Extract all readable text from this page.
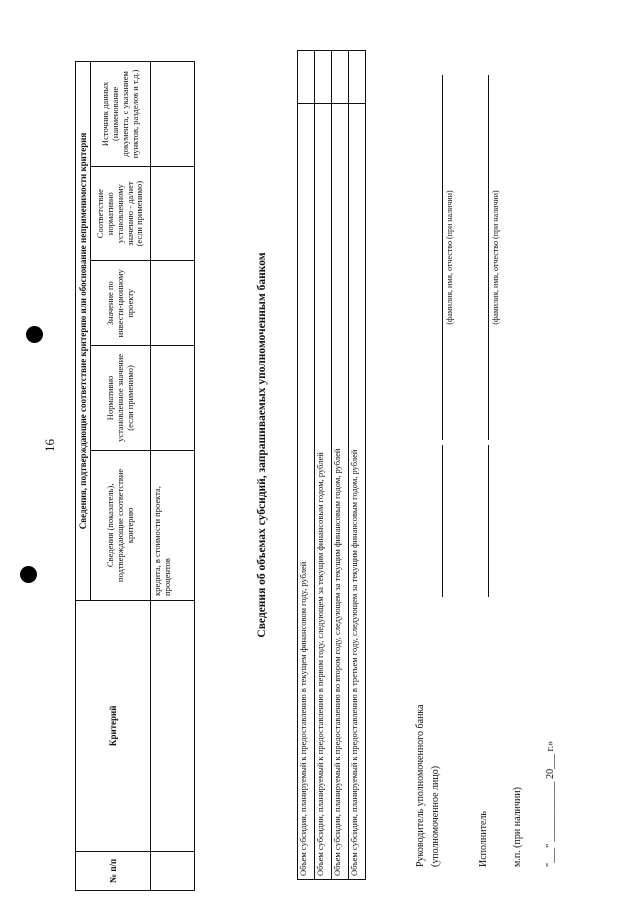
16
№ п/п	Критерий	Сведения, подтверждающие соответствие критерию или обоснование неприменимости критерия				
		Сведения (показатель), подтверждающие соответствие критерию	Нормативно установленное значение (если применимо)	Значение по инвести-ционному проекту	Соответствие нормативно установленному значению - да/нет (если применимо)	Источник данных (наименование документа, с указанием пунктов, разделов и т.д.)
		кредита, в стоимости проекта, процентов					Сведения об объемах субсидий, запрашиваемых уполномоченным банком
Объем субсидии, планируемый к предоставлению в текущем финансовом году, рублей	
Объем субсидии, планируемый к предоставлению в первом году, следующем за текущим финансовым годом, рублей	
Объем субсидии, планируемый к предоставлению во втором году, следующем за текущим финансовым годом, рублей	
Объем субсидии, планируемый к предоставлению в третьем году, следующем за текущим финансовым годом, рублей		Руководитель уполномоченного банка (уполномоченное лицо)
(фамилия, имя, отчество (при наличии)
Исполнитель
(фамилия, имя, отчество (при наличии)
м.п. (при наличии) "___" ____________ 20___ г.»
